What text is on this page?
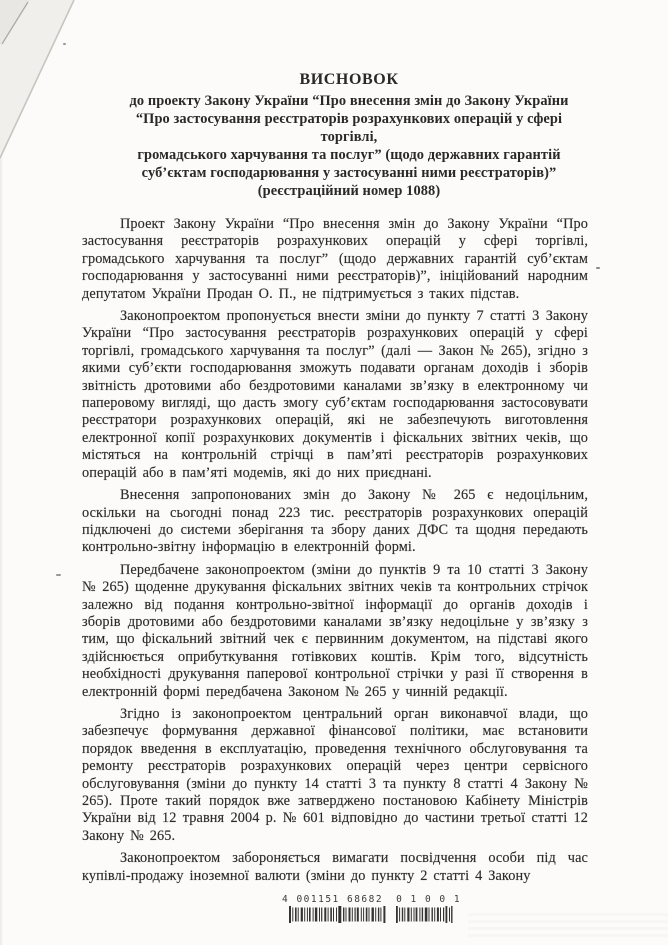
ВИСНОВОК
до проекту Закону України “Про внесення змін до Закону України
“Про застосування реєстраторів розрахункових операцій у сфері торгівлі,
громадського харчування та послуг” (щодо державних гарантій
суб’єктам господарювання у застосуванні ними реєстраторів)”
(реєстраційний номер 1088)

Проект Закону України “Про внесення змін до Закону України “Про застосування реєстраторів розрахункових операцій у сфері торгівлі, громадського харчування та послуг” (щодо державних гарантій суб’єктам господарювання у застосуванні ними реєстраторів)”, ініційований народним депутатом України Продан О. П., не підтримується з таких підстав.

Законопроектом пропонується внести зміни до пункту 7 статті 3 Закону України “Про застосування реєстраторів розрахункових операцій у сфері торгівлі, громадського харчування та послуг” (далі — Закон № 265), згідно з якими суб’єкти господарювання зможуть подавати органам доходів і зборів звітність дротовими або бездротовими каналами зв’язку в електронному чи паперовому вигляді, що дасть змогу суб’єктам господарювання застосовувати реєстратори розрахункових операцій, які не забезпечують виготовлення електронної копії розрахункових документів і фіскальних звітних чеків, що містяться на контрольній стрічці в пам’яті реєстраторів розрахункових операцій або в пам’яті модемів, які до них приєднані.

Внесення запропонованих змін до Закону № 265 є недоцільним, оскільки на сьогодні понад 223 тис. реєстраторів розрахункових операцій підключені до системи зберігання та збору даних ДФС та щодня передають контрольно-звітну інформацію в електронній формі.

Передбачене законопроектом (зміни до пунктів 9 та 10 статті 3 Закону № 265) щоденне друкування фіскальних звітних чеків та контрольних стрічок залежно від подання контрольно-звітної інформації до органів доходів і зборів дротовими або бездротовими каналами зв’язку недоцільне у зв’язку з тим, що фіскальний звітний чек є первинним документом, на підставі якого здійснюється оприбуткування готівкових коштів. Крім того, відсутність необхідності друкування паперової контрольної стрічки у разі її створення в електронній формі передбачена Законом № 265 у чинній редакції.

Згідно із законопроектом центральний орган виконавчої влади, що забезпечує формування державної фінансової політики, має встановити порядок введення в експлуатацію, проведення технічного обслуговування та ремонту реєстраторів розрахункових операцій через центри сервісного обслуговування (зміни до пункту 14 статті 3 та пункту 8 статті 4 Закону № 265). Проте такий порядок вже затверджено постановою Кабінету Міністрів України від 12 травня 2004 р. № 601 відповідно до частини третьої статті 12 Закону № 265.

Законопроектом забороняється вимагати посвідчення особи під час купівлі-продажу іноземної валюти (зміни до пункту 2 статті 4 Закону

4 001151 68682 0 1 0 0 1
